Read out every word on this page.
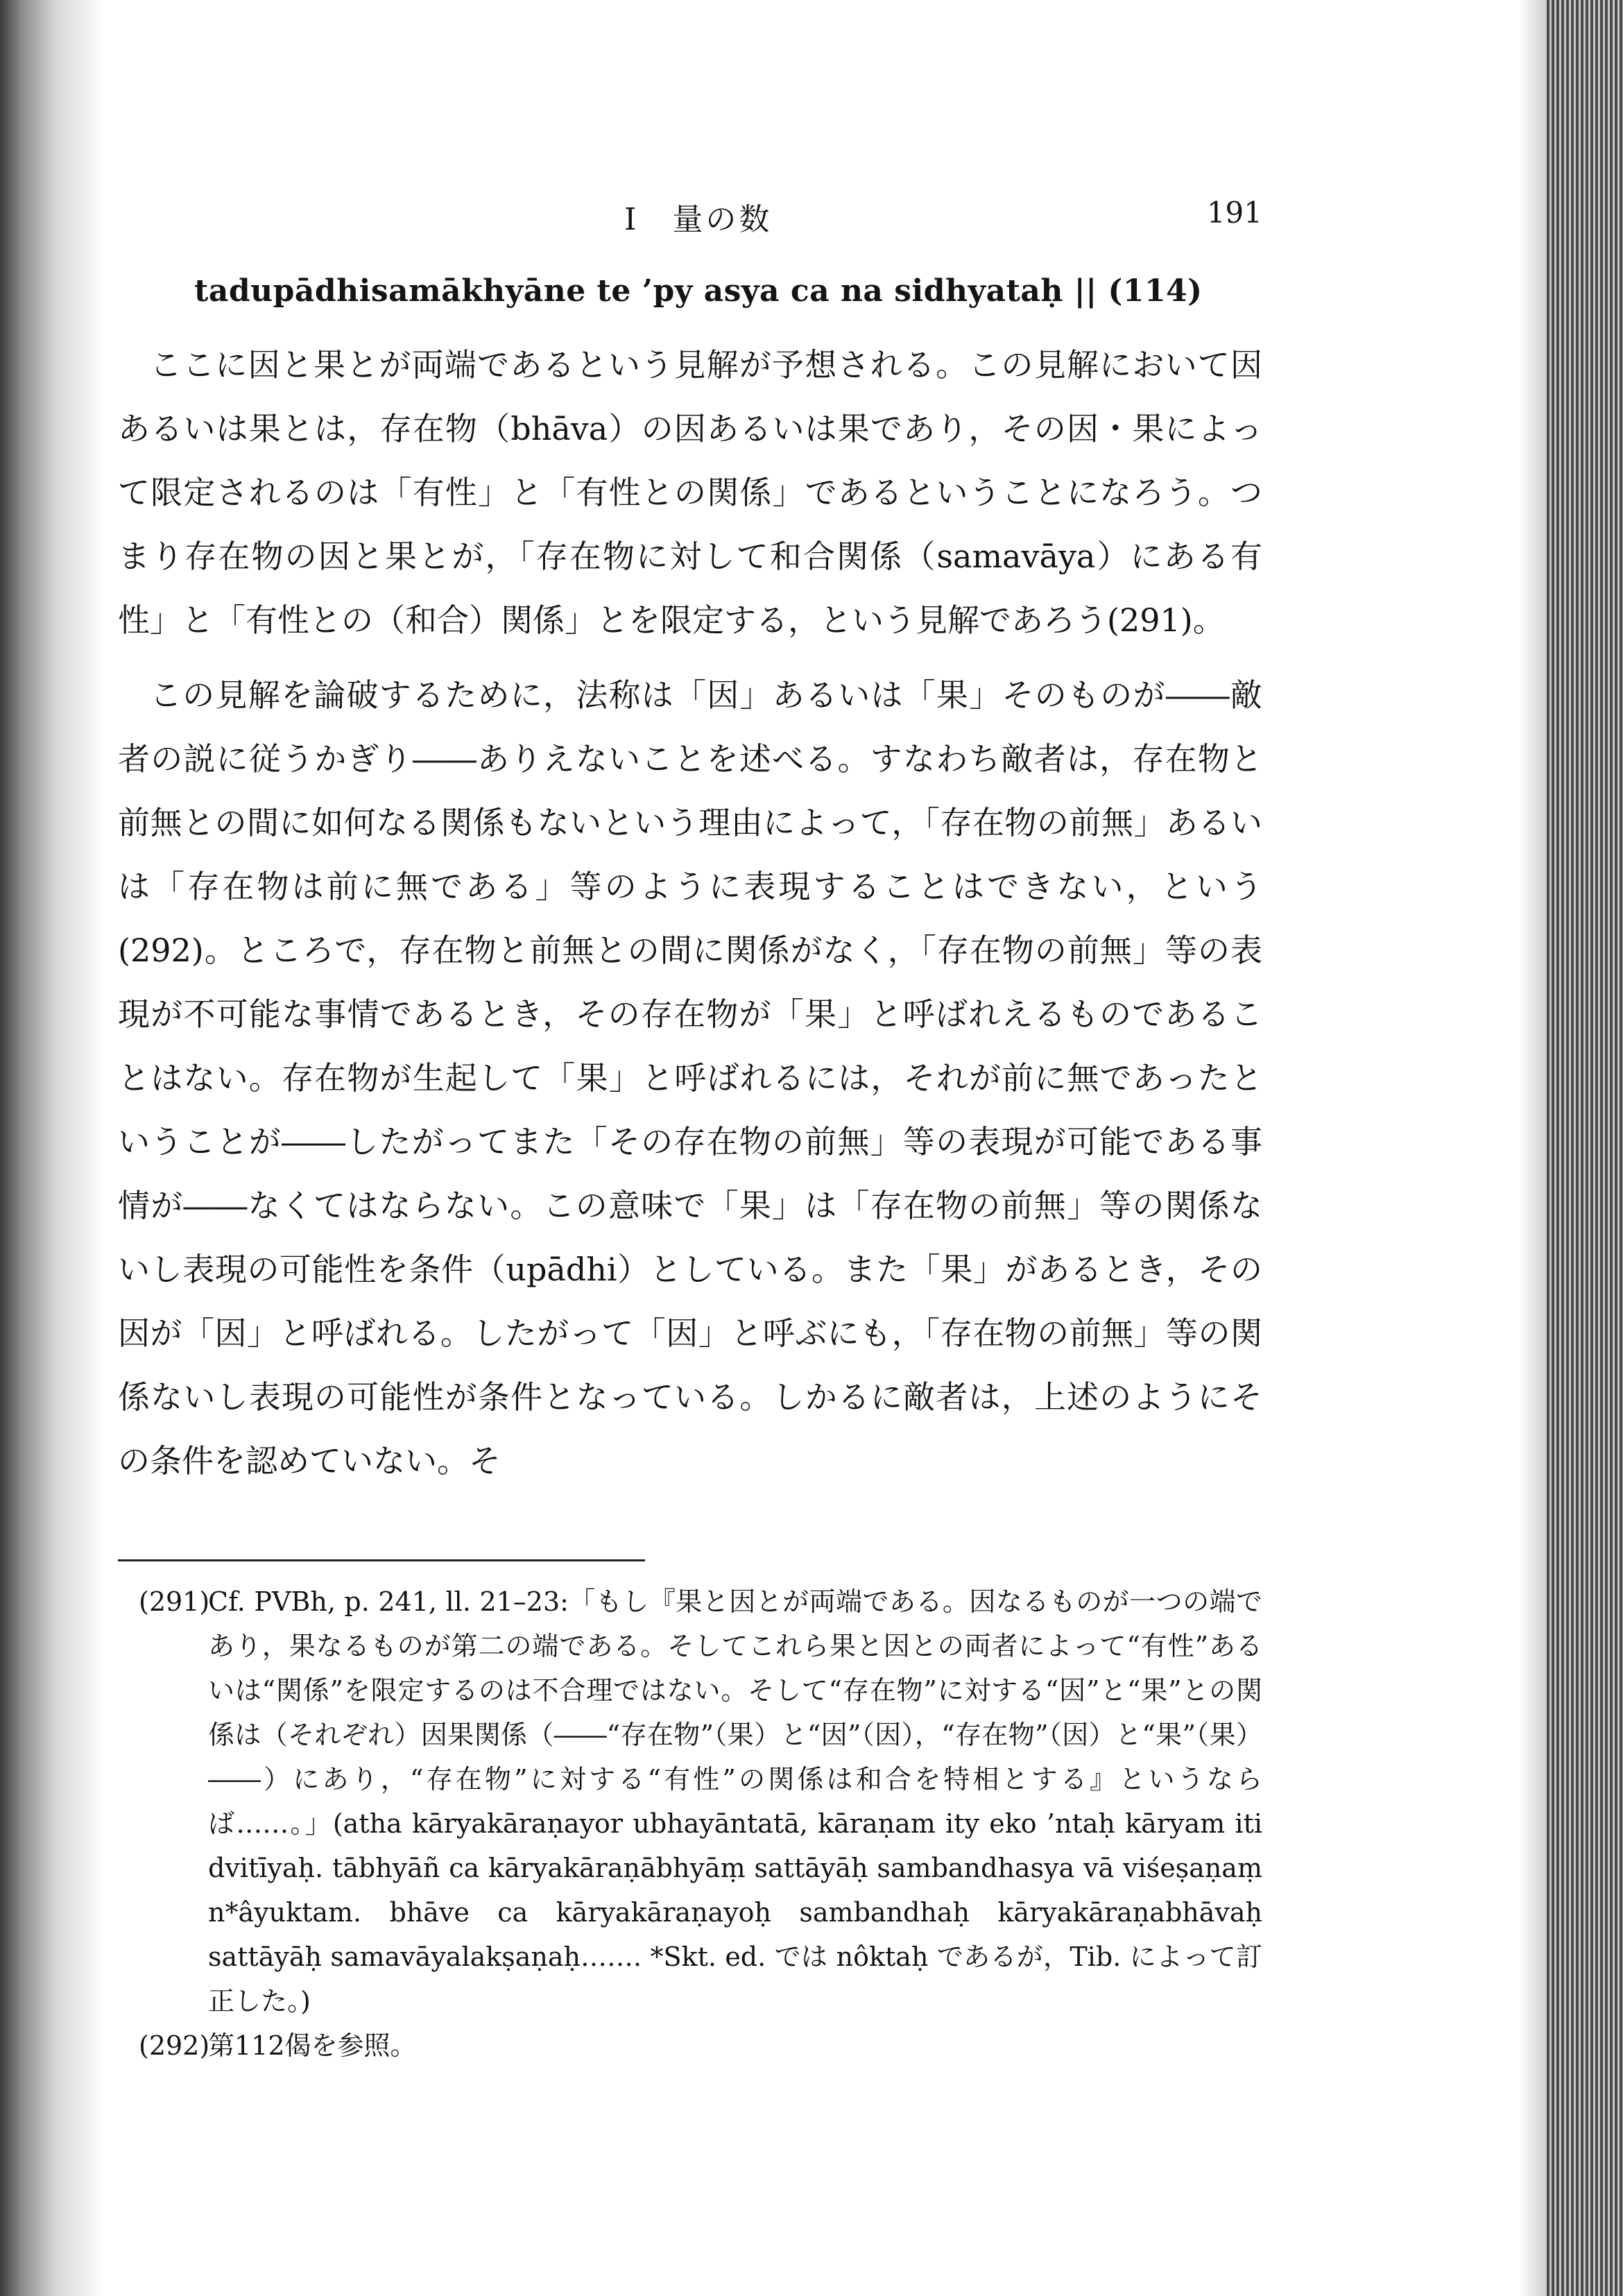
I　量の数	191
tadupādhisamākhyāne te ’py asya ca na sidhyataḥ || (114)

ここに因と果とが両端であるという見解が予想される。この見解において因あるいは果とは，存在物（bhāva）の因あるいは果であり，その因・果によって限定されるのは「有性」と「有性との関係」であるということになろう。つまり存在物の因と果とが，「存在物に対して和合関係（samavāya）にある有性」と「有性との（和合）関係」とを限定する，という見解であろう(291)。

この見解を論破するために，法称は「因」あるいは「果」そのものが――敵者の説に従うかぎり――ありえないことを述べる。すなわち敵者は，存在物と前無との間に如何なる関係もないという理由によって，「存在物の前無」あるいは「存在物は前に無である」等のように表現することはできない，という(292)。ところで，存在物と前無との間に関係がなく，「存在物の前無」等の表現が不可能な事情であるとき，その存在物が「果」と呼ばれえるものであることはない。存在物が生起して「果」と呼ばれるには，それが前に無であったということが――したがってまた「その存在物の前無」等の表現が可能である事情が――なくてはならない。この意味で「果」は「存在物の前無」等の関係ないし表現の可能性を条件（upādhi）としている。また「果」があるとき，その因が「因」と呼ばれる。したがって「因」と呼ぶにも，「存在物の前無」等の関係ないし表現の可能性が条件となっている。しかるに敵者は，上述のようにその条件を認めていない。そ

(291)
Cf. PVBh, p. 241, ll. 21–23:「もし『果と因とが両端である。因なるものが一つの端であり，果なるものが第二の端である。そしてこれら果と因との両者によって“有性”あるいは“関係”を限定するのは不合理ではない。そして“存在物”に対する“因”と“果”との関係は（それぞれ）因果関係（――“存在物”（果）と“因”（因），“存在物”（因）と“果”（果）――）にあり，“存在物”に対する“有性”の関係は和合を特相とする』というならば……。」(atha kāryakāraṇayor ubhayāntatā, kāraṇam ity eko ’ntaḥ kāryam iti dvitīyaḥ. tābhyāñ ca kāryakāraṇābhyāṃ sattāyāḥ sambandhasya vā viśeṣaṇaṃ n*âyuktam. bhāve ca kāryakāraṇayoḥ sambandhaḥ kāryakāraṇabhāvaḥ sattāyāḥ samavāyalakṣaṇaḥ……. *Skt. ed. では nôktaḥ であるが，Tib. によって訂正した。)
(292)
第112偈を参照。
